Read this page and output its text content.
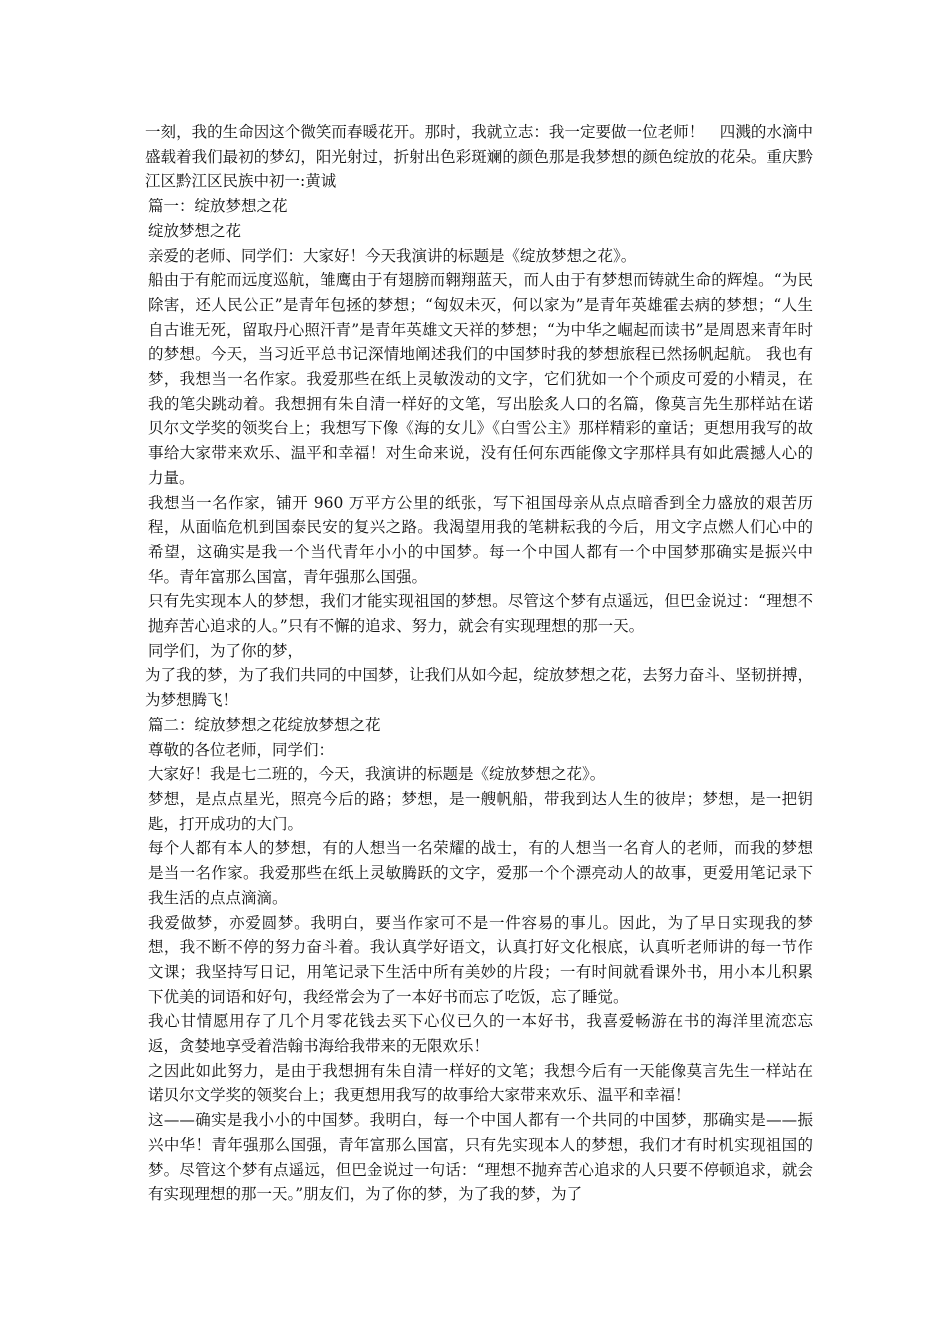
一刻，我的生命因这个微笑而春暖花开。那时，我就立志：我一定要做一位老师！　四溅的水滴中盛载着我们最初的梦幻，阳光射过，折射出色彩斑斓的颜色那是我梦想的颜色绽放的花朵。重庆黔江区黔江区民族中初一:黄诚

篇一：绽放梦想之花

绽放梦想之花

亲爱的老师、同学们：大家好！今天我演讲的标题是《绽放梦想之花》。

船由于有舵而远度巡航，雏鹰由于有翅膀而翱翔蓝天，而人由于有梦想而铸就生命的辉煌。“为民除害，还人民公正”是青年包拯的梦想；“匈奴未灭，何以家为”是青年英雄霍去病的梦想；“人生自古谁无死，留取丹心照汗青”是青年英雄文天祥的梦想；“为中华之崛起而读书”是周恩来青年时的梦想。今天，当习近平总书记深情地阐述我们的中国梦时我的梦想旅程已然扬帆起航。 我也有梦，我想当一名作家。我爱那些在纸上灵敏泼动的文字，它们犹如一个个顽皮可爱的小精灵，在我的笔尖跳动着。我想拥有朱自清一样好的文笔，写出脍炙人口的名篇，像莫言先生那样站在诺贝尔文学奖的领奖台上；我想写下像《海的女儿》《白雪公主》那样精彩的童话；更想用我写的故事给大家带来欢乐、温平和幸福！对生命来说，没有任何东西能像文字那样具有如此震撼人心的力量。

我想当一名作家，铺开 960 万平方公里的纸张，写下祖国母亲从点点暗香到全力盛放的艰苦历程，从面临危机到国泰民安的复兴之路。我渴望用我的笔耕耘我的今后，用文字点燃人们心中的希望，这确实是我一个当代青年小小的中国梦。每一个中国人都有一个中国梦那确实是振兴中华。青年富那么国富，青年强那么国强。

只有先实现本人的梦想，我们才能实现祖国的梦想。尽管这个梦有点遥远，但巴金说过：“理想不抛弃苦心追求的人。”只有不懈的追求、努力，就会有实现理想的那一天。

同学们，为了你的梦，

为了我的梦，为了我们共同的中国梦，让我们从如今起，绽放梦想之花，去努力奋斗、坚韧拼搏，为梦想腾飞！

篇二：绽放梦想之花绽放梦想之花

尊敬的各位老师，同学们：

大家好！我是七二班的，今天，我演讲的标题是《绽放梦想之花》。

梦想，是点点星光，照亮今后的路；梦想，是一艘帆船，带我到达人生的彼岸；梦想，是一把钥匙，打开成功的大门。

每个人都有本人的梦想，有的人想当一名荣耀的战士，有的人想当一名育人的老师，而我的梦想是当一名作家。我爱那些在纸上灵敏腾跃的文字，爱那一个个漂亮动人的故事，更爱用笔记录下我生活的点点滴滴。

我爱做梦，亦爱圆梦。我明白，要当作家可不是一件容易的事儿。因此，为了早日实现我的梦想，我不断不停的努力奋斗着。我认真学好语文，认真打好文化根底，认真听老师讲的每一节作文课；我坚持写日记，用笔记录下生活中所有美妙的片段；一有时间就看课外书，用小本儿积累下优美的词语和好句，我经常会为了一本好书而忘了吃饭，忘了睡觉。

我心甘情愿用存了几个月零花钱去买下心仪已久的一本好书，我喜爱畅游在书的海洋里流恋忘返，贪婪地享受着浩翰书海给我带来的无限欢乐！

之因此如此努力，是由于我想拥有朱自清一样好的文笔；我想今后有一天能像莫言先生一样站在诺贝尔文学奖的领奖台上；我更想用我写的故事给大家带来欢乐、温平和幸福！

这——确实是我小小的中国梦。我明白，每一个中国人都有一个共同的中国梦，那确实是——振兴中华！青年强那么国强，青年富那么国富，只有先实现本人的梦想，我们才有时机实现祖国的梦。尽管这个梦有点遥远，但巴金说过一句话：“理想不抛弃苦心追求的人只要不停顿追求，就会有实现理想的那一天。”朋友们，为了你的梦，为了我的梦，为了
